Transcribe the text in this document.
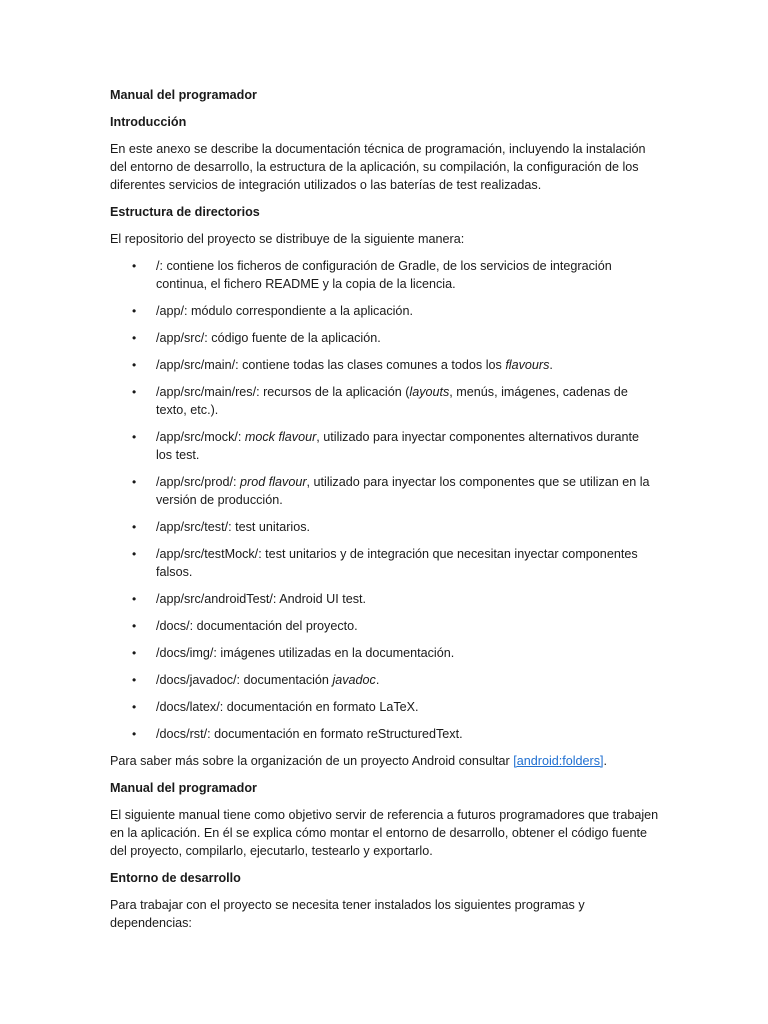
Manual del programador
Introducción

En este anexo se describe la documentación técnica de programación, incluyendo la instalación del entorno de desarrollo, la estructura de la aplicación, su compilación, la configuración de los diferentes servicios de integración utilizados o las baterías de test realizadas.

Estructura de directorios

El repositorio del proyecto se distribuye de la siguiente manera:

• /: contiene los ficheros de configuración de Gradle, de los servicios de integración continua, el fichero README y la copia de la licencia.
• /app/: módulo correspondiente a la aplicación.
• /app/src/: código fuente de la aplicación.
• /app/src/main/: contiene todas las clases comunes a todos los flavours.
• /app/src/main/res/: recursos de la aplicación (layouts, menús, imágenes, cadenas de texto, etc.).
• /app/src/mock/: mock flavour, utilizado para inyectar componentes alternativos durante los test.
• /app/src/prod/: prod flavour, utilizado para inyectar los componentes que se utilizan en la versión de producción.
• /app/src/test/: test unitarios.
• /app/src/testMock/: test unitarios y de integración que necesitan inyectar componentes falsos.
• /app/src/androidTest/: Android UI test.
• /docs/: documentación del proyecto.
• /docs/img/: imágenes utilizadas en la documentación.
• /docs/javadoc/: documentación javadoc.
• /docs/latex/: documentación en formato LaTeX.
• /docs/rst/: documentación en formato reStructuredText.

Para saber más sobre la organización de un proyecto Android consultar [android:folders].

Manual del programador

El siguiente manual tiene como objetivo servir de referencia a futuros programadores que trabajen en la aplicación. En él se explica cómo montar el entorno de desarrollo, obtener el código fuente del proyecto, compilarlo, ejecutarlo, testearlo y exportarlo.

Entorno de desarrollo

Para trabajar con el proyecto se necesita tener instalados los siguientes programas y dependencias:
